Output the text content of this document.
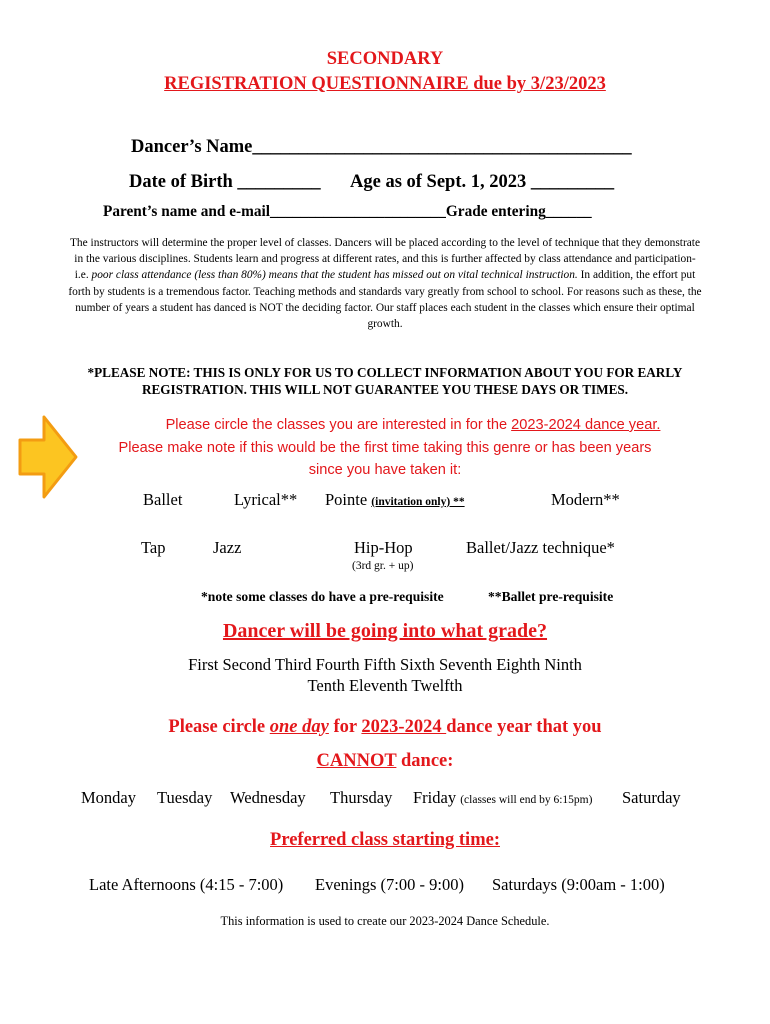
SECONDARY
REGISTRATION QUESTIONNAIRE due by 3/23/2023
Dancer’s Name_________________________________________
Date of Birth _________ Age as of Sept. 1, 2023 _________
Parent’s name and e-mail_______________________Grade entering______
The instructors will determine the proper level of classes. Dancers will be placed according to the level of technique that they demonstrate in the various disciplines. Students learn and progress at different rates, and this is further affected by class attendance and participation-i.e. poor class attendance (less than 80%) means that the student has missed out on vital technical instruction. In addition, the effort put forth by students is a tremendous factor. Teaching methods and standards vary greatly from school to school. For reasons such as these, the number of years a student has danced is NOT the deciding factor. Our staff places each student in the classes which ensure their optimal growth.
*PLEASE NOTE: THIS IS ONLY FOR US TO COLLECT INFORMATION ABOUT YOU FOR EARLY REGISTRATION. THIS WILL NOT GUARANTEE YOU THESE DAYS OR TIMES.
Please circle the classes you are interested in for the 2023-2024 dance year.
Please make note if this would be the first time taking this genre or has been years
since you have taken it:
Ballet	Lyrical** Pointe (invitation only) **	Modern**
Tap	Jazz	Hip-Hop
(3rd gr. + up)
Ballet/Jazz technique*
*note some classes do have a pre-requisite	**Ballet pre-requisite
Dancer will be going into what grade?
First Second Third Fourth Fifth Sixth Seventh Eighth Ninth
Tenth Eleventh Twelfth
Please circle one day for 2023-2024 dance year that you
CANNOT dance:
Monday Tuesday Wednesday Thursday Friday (classes will end by 6:15pm) Saturday
Preferred class starting time:
Late Afternoons (4:15 - 7:00) Evenings (7:00 - 9:00) Saturdays (9:00am - 1:00)
This information is used to create our 2023-2024 Dance Schedule.
